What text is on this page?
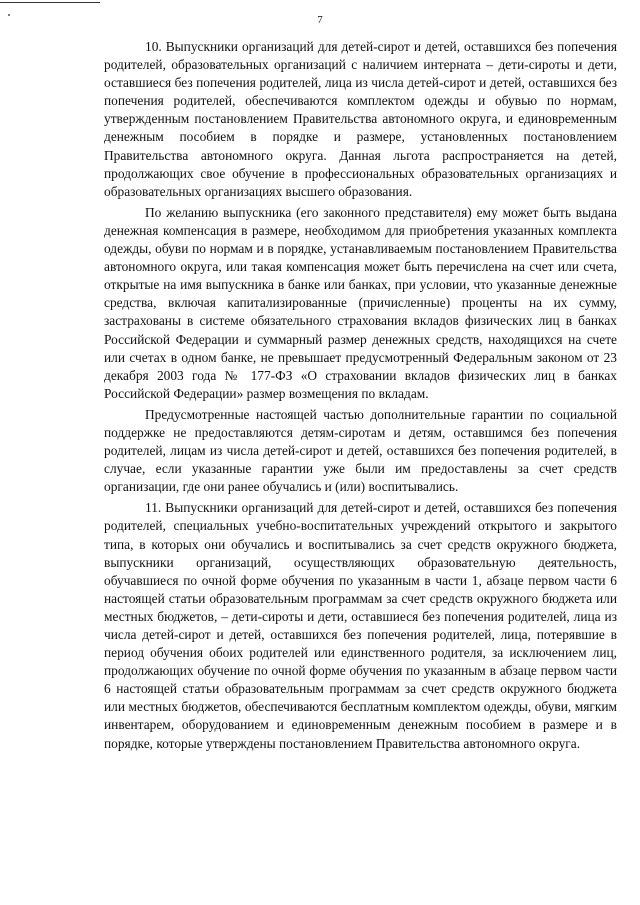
7

10. Выпускники организаций для детей-сирот и детей, оставшихся без попечения родителей, образовательных организаций с наличием интерната – дети-сироты и дети, оставшиеся без попечения родителей, лица из числа детей-сирот и детей, оставшихся без попечения родителей, обеспечиваются комплектом одежды и обувью по нормам, утвержденным постановлением Правительства автономного округа, и единовременным денежным пособием в порядке и размере, установленных постановлением Правительства автономного округа. Данная льгота распространяется на детей, продолжающих свое обучение в профессиональных образовательных организациях и образовательных организациях высшего образования.

По желанию выпускника (его законного представителя) ему может быть выдана денежная компенсация в размере, необходимом для приобретения указанных комплекта одежды, обуви по нормам и в порядке, устанавливаемым постановлением Правительства автономного округа, или такая компенсация может быть перечислена на счет или счета, открытые на имя выпускника в банке или банках, при условии, что указанные денежные средства, включая капитализированные (причисленные) проценты на их сумму, застрахованы в системе обязательного страхования вкладов физических лиц в банках Российской Федерации и суммарный размер денежных средств, находящихся на счете или счетах в одном банке, не превышает предусмотренный Федеральным законом от 23 декабря 2003 года № 177-ФЗ «О страховании вкладов физических лиц в банках Российской Федерации» размер возмещения по вкладам.

Предусмотренные настоящей частью дополнительные гарантии по социальной поддержке не предоставляются детям-сиротам и детям, оставшимся без попечения родителей, лицам из числа детей-сирот и детей, оставшихся без попечения родителей, в случае, если указанные гарантии уже были им предоставлены за счет средств организации, где они ранее обучались и (или) воспитывались.

11. Выпускники организаций для детей-сирот и детей, оставшихся без попечения родителей, специальных учебно-воспитательных учреждений открытого и закрытого типа, в которых они обучались и воспитывались за счет средств окружного бюджета, выпускники организаций, осуществляющих образовательную деятельность, обучавшиеся по очной форме обучения по указанным в части 1, абзаце первом части 6 настоящей статьи образовательным программам за счет средств окружного бюджета или местных бюджетов, – дети-сироты и дети, оставшиеся без попечения родителей, лица из числа детей-сирот и детей, оставшихся без попечения родителей, лица, потерявшие в период обучения обоих родителей или единственного родителя, за исключением лиц, продолжающих обучение по очной форме обучения по указанным в абзаце первом части 6 настоящей статьи образовательным программам за счет средств окружного бюджета или местных бюджетов, обеспечиваются бесплатным комплектом одежды, обуви, мягким инвентарем, оборудованием и единовременным денежным пособием в размере и в порядке, которые утверждены постановлением Правительства автономного округа.
